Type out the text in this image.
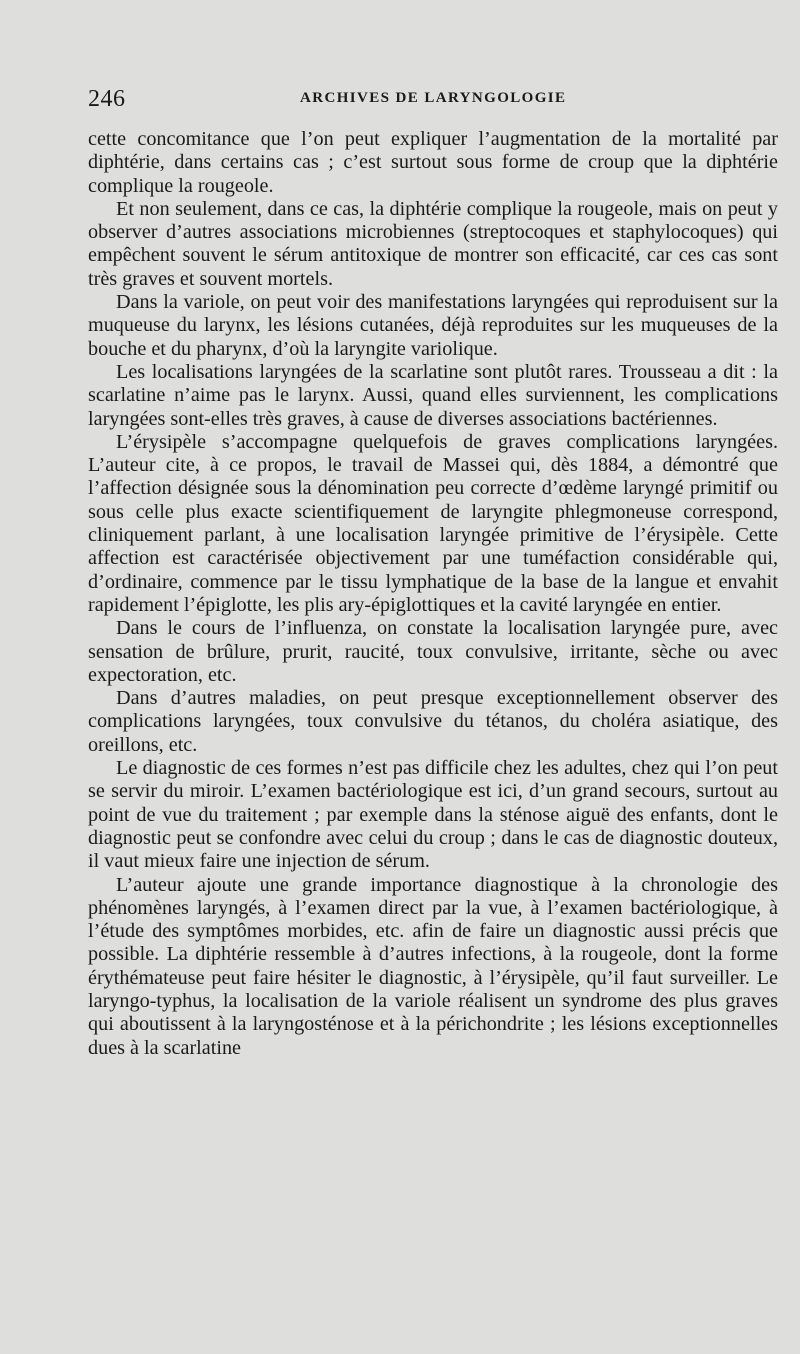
246	ARCHIVES DE LARYNGOLOGIE

cette concomitance que l’on peut expliquer l’augmentation de la mortalité par diphtérie, dans certains cas ; c’est surtout sous forme de croup que la diphtérie complique la rougeole.

Et non seulement, dans ce cas, la diphtérie complique la rougeole, mais on peut y observer d’autres associations microbiennes (streptocoques et staphylocoques) qui empêchent souvent le sérum antitoxique de montrer son efficacité, car ces cas sont très graves et souvent mortels.

Dans la variole, on peut voir des manifestations laryngées qui reproduisent sur la muqueuse du larynx, les lésions cutanées, déjà reproduites sur les muqueuses de la bouche et du pharynx, d’où la laryngite variolique.

Les localisations laryngées de la scarlatine sont plutôt rares. Trousseau a dit : la scarlatine n’aime pas le larynx. Aussi, quand elles surviennent, les complications laryngées sont-elles très graves, à cause de diverses associations bactériennes.

L’érysipèle s’accompagne quelquefois de graves complications laryngées. L’auteur cite, à ce propos, le travail de Massei qui, dès 1884, a démontré que l’affection désignée sous la dénomination peu correcte d’œdème laryngé primitif ou sous celle plus exacte scientifiquement de laryngite phlegmoneuse correspond, cliniquement parlant, à une localisation laryngée primitive de l’érysipèle. Cette affection est caractérisée objectivement par une tuméfaction considérable qui, d’ordinaire, commence par le tissu lymphatique de la base de la langue et envahit rapidement l’épiglotte, les plis ary-épiglottiques et la cavité laryngée en entier.

Dans le cours de l’influenza, on constate la localisation laryngée pure, avec sensation de brûlure, prurit, raucité, toux convulsive, irritante, sèche ou avec expectoration, etc.

Dans d’autres maladies, on peut presque exceptionnellement observer des complications laryngées, toux convulsive du tétanos, du choléra asiatique, des oreillons, etc.

Le diagnostic de ces formes n’est pas difficile chez les adultes, chez qui l’on peut se servir du miroir. L’examen bactériologique est ici, d’un grand secours, surtout au point de vue du traitement ; par exemple dans la sténose aiguë des enfants, dont le diagnostic peut se confondre avec celui du croup ; dans le cas de diagnostic douteux, il vaut mieux faire une injection de sérum.

L’auteur ajoute une grande importance diagnostique à la chronologie des phénomènes laryngés, à l’examen direct par la vue, à l’examen bactériologique, à l’étude des symptômes morbides, etc. afin de faire un diagnostic aussi précis que possible. La diphtérie ressemble à d’autres infections, à la rougeole, dont la forme érythémateuse peut faire hésiter le diagnostic, à l’érysipèle, qu’il faut surveiller. Le laryngo-typhus, la localisation de la variole réalisent un syndrome des plus graves qui aboutissent à la laryngosténose et à la périchondrite ; les lésions exceptionnelles dues à la scarlatine
